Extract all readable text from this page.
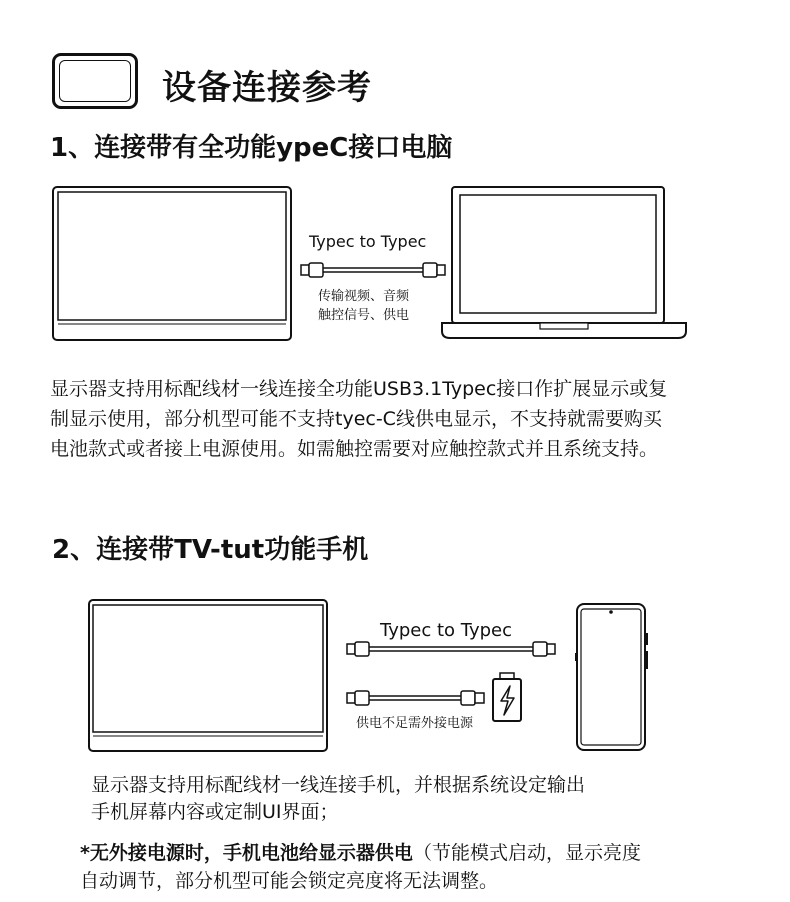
设备连接参考
1、连接带有全功能ypeC接口电脑
Typec to Typec
传输视频、音频
触控信号、供电
显示器支持用标配线材一线连接全功能USB3.1Typec接口作扩展显示或复
制显示使用，部分机型可能不支持tyec-C线供电显示，不支持就需要购买
电池款式或者接上电源使用。如需触控需要对应触控款式并且系统支持。
2、连接带TV-tut功能手机
Typec to Typec
供电不足需外接电源
显示器支持用标配线材一线连接手机，并根据系统设定输出
手机屏幕内容或定制UI界面；
*无外接电源时，手机电池给显示器供电（节能模式启动，显示亮度
自动调节，部分机型可能会锁定亮度将无法调整。
